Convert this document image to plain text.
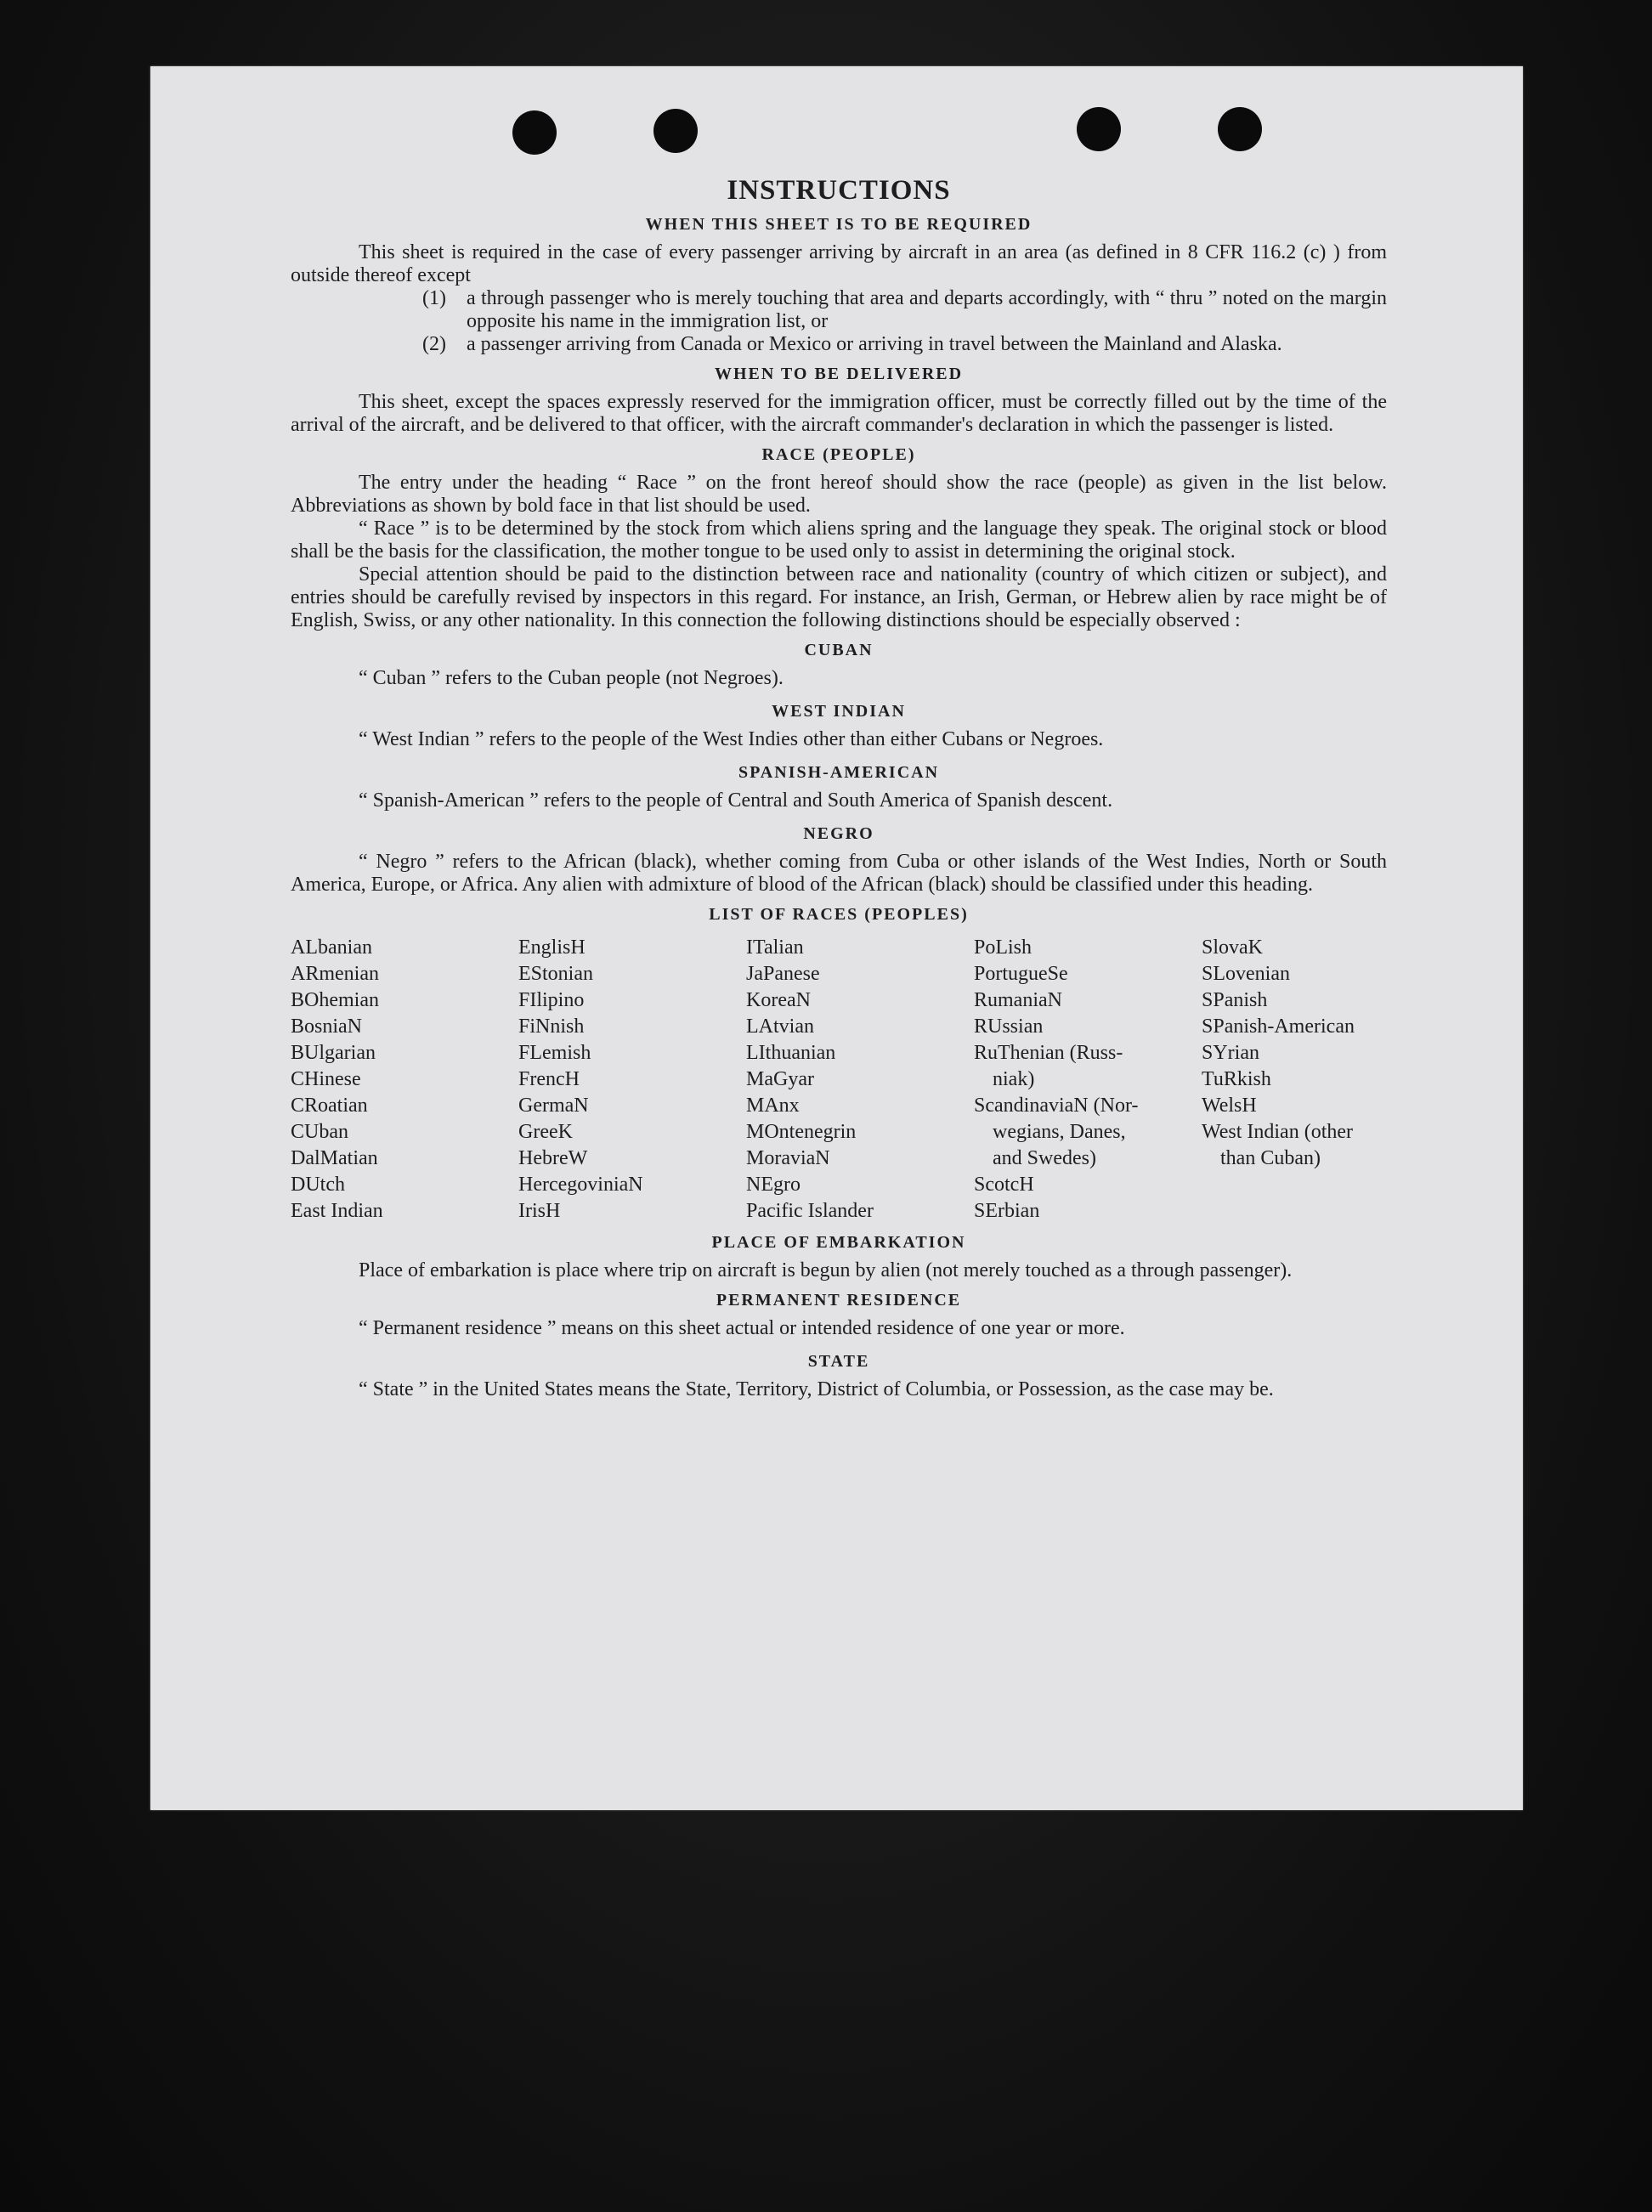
INSTRUCTIONS
WHEN THIS SHEET IS TO BE REQUIRED

This sheet is required in the case of every passenger arriving by aircraft in an area (as defined in 8 CFR 116.2 (c) ) from outside thereof except

(1)	a through passenger who is merely touching that area and departs accordingly, with “ thru ” noted on the margin opposite his name in the immigration list, or
(2)	a passenger arriving from Canada or Mexico or arriving in travel between the Mainland and Alaska.
WHEN TO BE DELIVERED

This sheet, except the spaces expressly reserved for the immigration officer, must be correctly filled out by the time of the arrival of the aircraft, and be delivered to that officer, with the aircraft commander's declaration in which the passenger is listed.

RACE (PEOPLE)

The entry under the heading “ Race ” on the front hereof should show the race (people) as given in the list below. Abbreviations as shown by bold face in that list should be used.

“ Race ” is to be determined by the stock from which aliens spring and the language they speak. The original stock or blood shall be the basis for the classification, the mother tongue to be used only to assist in determining the original stock.

Special attention should be paid to the distinction between race and nationality (country of which citizen or subject), and entries should be carefully revised by inspectors in this regard. For instance, an Irish, German, or Hebrew alien by race might be of English, Swiss, or any other nationality. In this connection the following distinctions should be especially observed :

CUBAN
“ Cuban ” refers to the Cuban people (not Negroes).
WEST INDIAN
“ West Indian ” refers to the people of the West Indies other than either Cubans or Negroes.
SPANISH-AMERICAN
“ Spanish-American ” refers to the people of Central and South America of Spanish descent.
NEGRO

“ Negro ” refers to the African (black), whether coming from Cuba or other islands of the West Indies, North or South America, Europe, or Africa. Any alien with admixture of blood of the African (black) should be classified under this heading.

LIST OF RACES (PEOPLES)
ALbanian
ARmenian
BOhemian
BosniaN
BUlgarian
CHinese
CRoatian
CUban
DalMatian
DUtch
East Indian
EnglisH
EStonian
FIlipino
FiNnish
FLemish
FrencH
GermaN
GreeK
HebreW
HercegoviniaN
IrisH
ITalian
JaPanese
KoreaN
LAtvian
LIthuanian
MaGyar
MAnx
MOntenegrin
MoraviaN
NEgro
Pacific Islander
PoLish
PortugueSe
RumaniaN
RUssian
RuThenian (Russ-
niak)
ScandinaviaN (Nor-
wegians, Danes,
and Swedes)
ScotcH
SErbian
SlovaK
SLovenian
SPanish
SPanish-American
SYrian
TuRkish
WelsH
West Indian (other
than Cuban)
PLACE OF EMBARKATION

Place of embarkation is place where trip on aircraft is begun by alien (not merely touched as a through passenger).

PERMANENT RESIDENCE
“ Permanent residence ” means on this sheet actual or intended residence of one year or more.
STATE

“ State ” in the United States means the State, Territory, District of Columbia, or Possession, as the case may be.
